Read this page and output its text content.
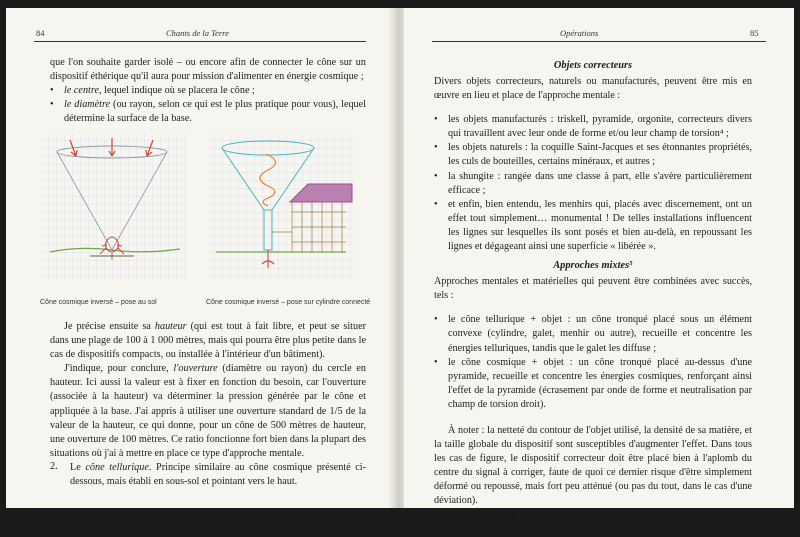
84	Chants de la Terre

que l'on souhaite garder isolé – ou encore afin de connecter le cône sur un dispositif éthérique qu'il aura pour mission d'alimenter en énergie cosmique ;

• le centre, lequel indique où se placera le cône ;
• le diamètre (ou rayon, selon ce qui est le plus pratique pour vous), lequel détermine la surface de la base.
Cône cosmique inversé – pose au sol	Cône cosmique inversé – pose sur cylindre connecté

Je précise ensuite sa hauteur (qui est tout à fait libre, et peut se situer dans une plage de 100 à 1 000 mètres, mais qui pourra être plus petite dans le cas de dispositifs compacts, ou installée à l'intérieur d'un bâtiment).

J'indique, pour conclure, l'ouverture (diamètre ou rayon) du cercle en hauteur. Ici aussi la valeur est à fixer en fonction du besoin, car l'ouverture (associée à la hauteur) va déterminer la pression générée par le cône et appliquée à la base. J'ai appris à utiliser une ouverture standard de 1/5 de la valeur de la hauteur, ce qui donne, pour un cône de 500 mètres de hauteur, une ouverture de 100 mètres. Ce ratio fonctionne fort bien dans la plupart des situations où j'ai à mettre en place ce type d'approche mentale.

2.	Le cône tellurique. Principe similaire au cône cosmique présenté ci-dessous, mais établi en sous-sol et pointant vers le haut.
Opérations	85

Objets correcteurs

Divers objets correcteurs, naturels ou manufacturés, peuvent être mis en œuvre en lieu et place de l'approche mentale :

• les objets manufacturés : triskell, pyramide, orgonite, correcteurs divers qui travaillent avec leur onde de forme et/ou leur champ de torsion⁴ ;
• les objets naturels : la coquille Saint-Jacques et ses étonnantes propriétés, les culs de bouteilles, certains minéraux, et autres ;
• la shungite : rangée dans une classe à part, elle s'avère particulièrement efficace ;
• et enfin, bien entendu, les menhirs qui, placés avec discernement, ont un effet tout simplement… monumental ! De telles installations influencent les lignes sur lesquelles ils sont posés et bien au-delà, en repoussant les lignes et dégageant ainsi une superficie « libérée ».

Approches mixtes⁵

Approches mentales et matérielles qui peuvent être combinées avec succès, tels :

• le cône tellurique + objet : un cône tronqué placé sous un élément convexe (cylindre, galet, menhir ou autre), recueille et concentre les énergies telluriques, tandis que le galet les diffuse ;
• le cône cosmique + objet : un cône tronqué placé au-dessus d'une pyramide, recueille et concentre les énergies cosmiques, renforçant ainsi l'effet de la pyramide (écrasement par onde de forme et neutralisation par champ de torsion droit).

À noter : la netteté du contour de l'objet utilisé, la densité de sa matière, et la taille globale du dispositif sont susceptibles d'augmenter l'effet. Dans tous les cas de figure, le dispositif correcteur doit être placé bien à l'aplomb du centre du signal à corriger, faute de quoi ce dernier risque d'être simplement déformé ou repoussé, mais fort peu atténué (ou pas du tout, dans le cas d'une déviation).

Ces déviations peuvent, du reste, dans certains cas de figure, être intentionnelles et valablement servir l'objectif d'harmonisation.
